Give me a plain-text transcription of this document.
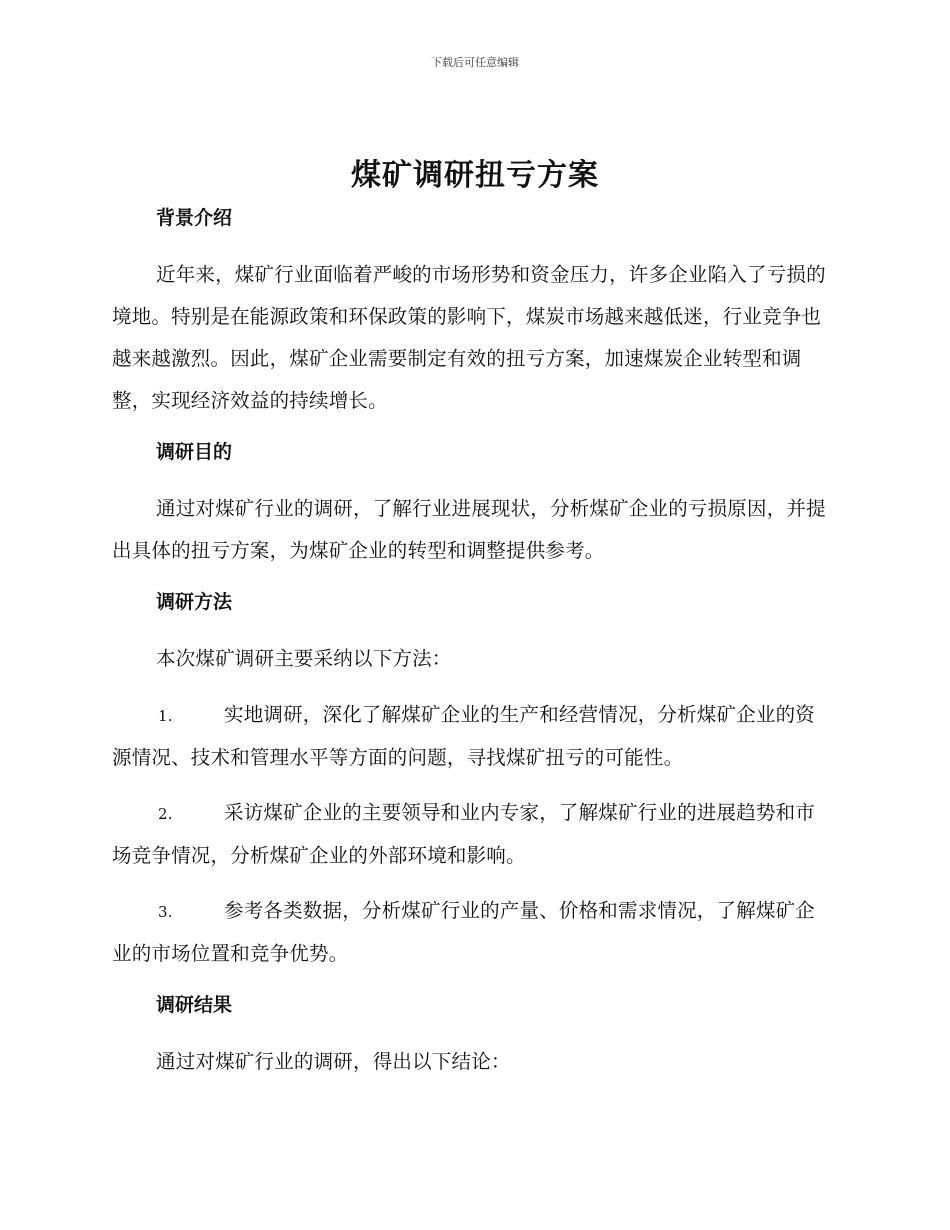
下载后可任意编辑
煤矿调研扭亏方案
背景介绍

近年来，煤矿行业面临着严峻的市场形势和资金压力，许多企业陷入了亏损的境地。特别是在能源政策和环保政策的影响下，煤炭市场越来越低迷，行业竞争也越来越激烈。因此，煤矿企业需要制定有效的扭亏方案，加速煤炭企业转型和调整，实现经济效益的持续增长。

调研目的

通过对煤矿行业的调研，了解行业进展现状，分析煤矿企业的亏损原因，并提出具体的扭亏方案，为煤矿企业的转型和调整提供参考。

调研方法

本次煤矿调研主要采纳以下方法：

1.	实地调研，深化了解煤矿企业的生产和经营情况，分析煤矿企业的资源情况、技术和管理水平等方面的问题，寻找煤矿扭亏的可能性。
2.	采访煤矿企业的主要领导和业内专家，了解煤矿行业的进展趋势和市场竞争情况，分析煤矿企业的外部环境和影响。
3.	参考各类数据，分析煤矿行业的产量、价格和需求情况，了解煤矿企业的市场位置和竞争优势。
调研结果

通过对煤矿行业的调研，得出以下结论：
